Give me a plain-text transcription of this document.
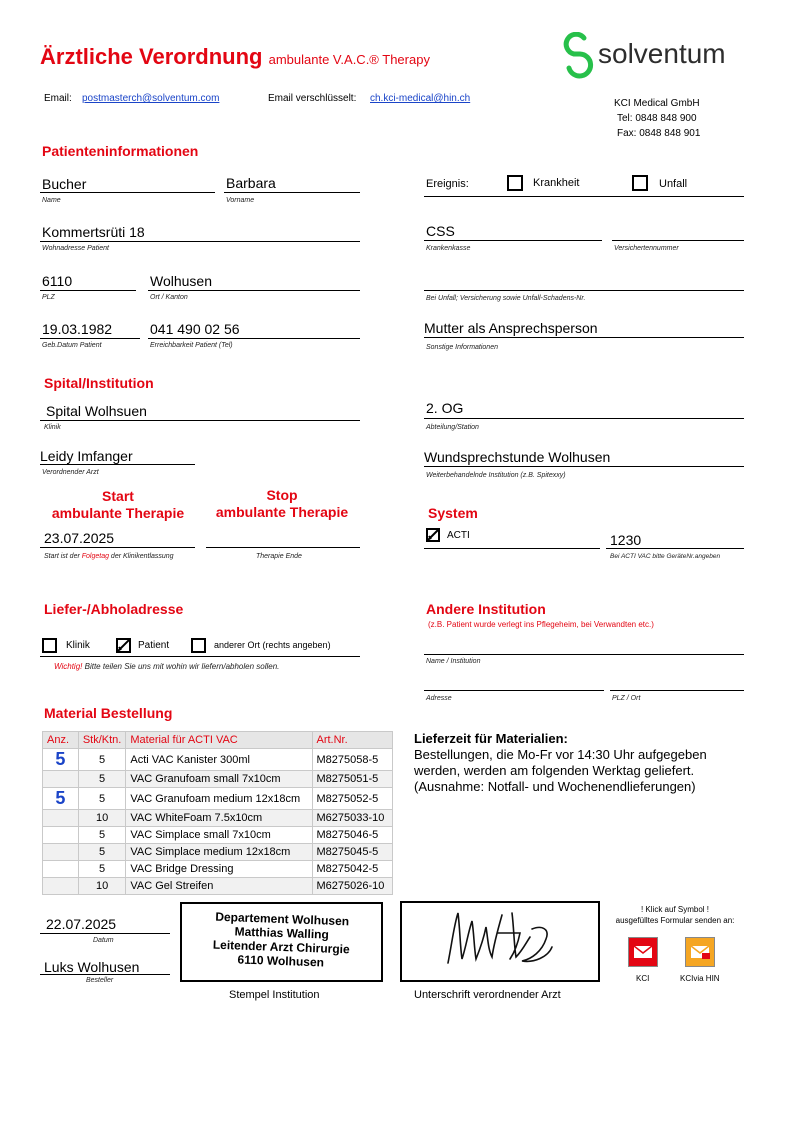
Ärztliche Verordnung ambulante V.A.C.® Therapy	solventum
Email: postmasterch@solventum.com	Email verschlüsselt: ch.kci-medical@hin.ch	KCI Medical GmbH
Tel: 0848 848 900
Fax: 0848 848 901
Patienteninformationen
Bucher
Name
Barbara
Vorname
Ereignis:	Krankheit	Unfall
Kommertsrüti 18
Wohnadresse Patient
CSS
Krankenkasse	Versichertennummer
6110
PLZ
Wolhusen
Ort / Kanton	Bei Unfall; Versicherung sowie Unfall-Schadens-Nr.
19.03.1982
Geb.Datum Patient
041 490 02 56
Erreichbarkeit Patient (Tel)
Mutter als Ansprechsperson
Sonstige Informationen
Spital/Institution
Spital Wolhsuen
Klinik
2. OG
Abteilung/Station
Leidy Imfanger
Verordnender Arzt
Wundsprechstunde Wolhusen
Weiterbehandelnde Institution (z.B. Spitexxy)
Start
ambulante Therapie
Stop
ambulante Therapie
23.07.2025
Start ist der Folgetag der Klinikentlassung	Therapie Ende
System
ACTI	1230
Bei ACTI VAC bitte GeräteNr.angeben
Liefer-/Abholadresse
Klinik	Patient	anderer Ort (rechts angeben)
Wichtig! Bitte teilen Sie uns mit wohin wir liefern/abholen sollen.
Andere Institution
(z.B. Patient wurde verlegt ins Pflegeheim, bei Verwandten etc.)
Name / Institution
Adresse	PLZ / Ort
Material Bestellung
Anz.	Stk/Ktn.	Material für ACTI VAC	Art.Nr.
5	5	Acti VAC Kanister 300ml	M8275058-5
	5	VAC Granufoam small 7x10cm	M8275051-5
5	5	VAC Granufoam medium 12x18cm	M8275052-5
	10	VAC WhiteFoam 7.5x10cm	M6275033-10
	5	VAC Simplace small 7x10cm	M8275046-5
	5	VAC Simplace medium 12x18cm	M8275045-5
	5	VAC Bridge Dressing	M8275042-5
	10	VAC Gel Streifen	M6275026-10
Lieferzeit für Materialien:
Bestellungen, die Mo-Fr vor 14:30 Uhr aufgegeben werden, werden am folgenden Werktag geliefert. (Ausnahme: Notfall- und Wochenendlieferungen)
22.07.2025
Datum
Luks Wolhusen
Besteller
Departement Wolhusen
Matthias Walling
Leitender Arzt Chirurgie
6110 Wolhusen
Stempel Institution	Unterschrift verordnender Arzt
! Klick auf Symbol !
ausgefülltes Formular senden an:
KCI	KCIvia HIN
